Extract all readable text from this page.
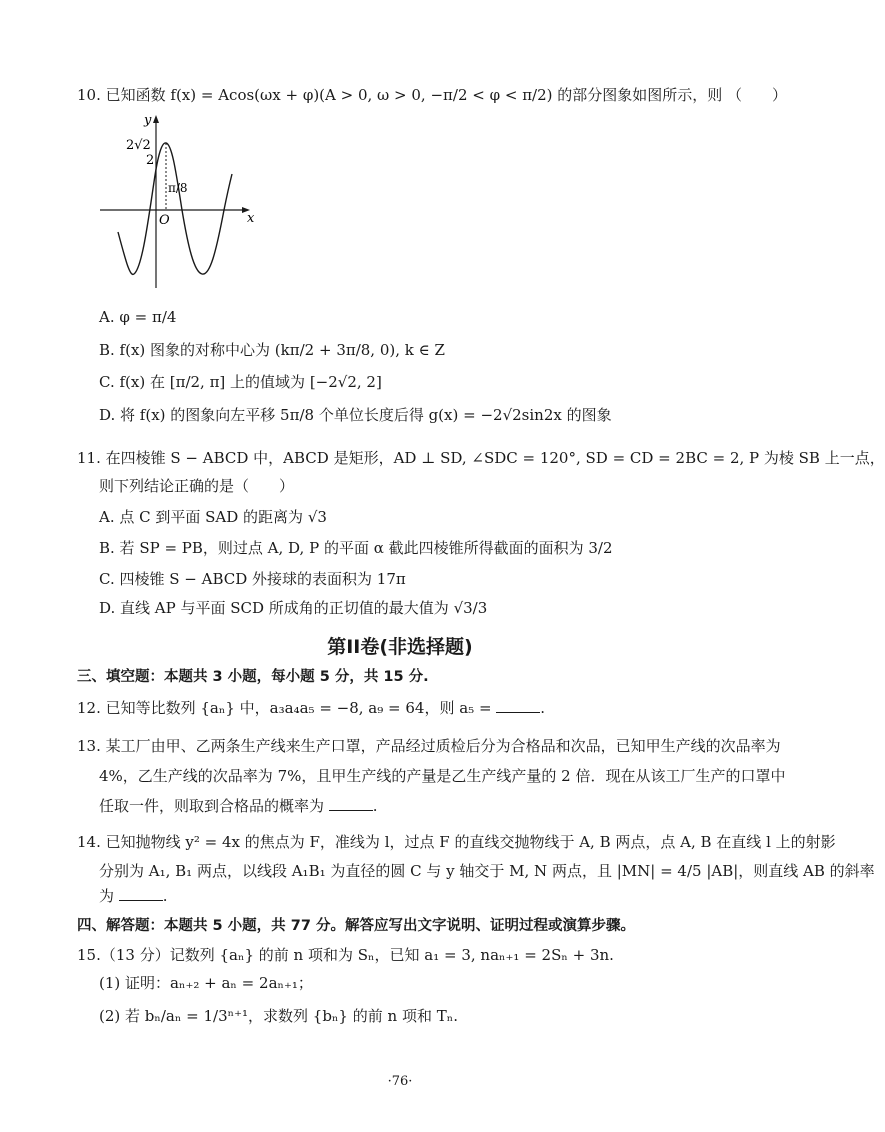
10. 已知函数 f(x) = Acos(ωx + φ)(A > 0, ω > 0, −π/2 < φ < π/2) 的部分图象如图所示，则 （　　）
y
x
O
2√2
2
π/8
A. φ = π/4
B. f(x) 图象的对称中心为 (kπ/2 + 3π/8, 0), k ∈ Z
C. f(x) 在 [π/2, π] 上的值域为 [−2√2, 2]
D. 将 f(x) 的图象向左平移 5π/8 个单位长度后得 g(x) = −2√2sin2x 的图象
11. 在四棱锥 S − ABCD 中，ABCD 是矩形，AD ⊥ SD, ∠SDC = 120°, SD = CD = 2BC = 2, P 为棱 SB 上一点，
则下列结论正确的是（　　）
A. 点 C 到平面 SAD 的距离为 √3
B. 若 SP = PB，则过点 A, D, P 的平面 α 截此四棱锥所得截面的面积为 3/2
C. 四棱锥 S − ABCD 外接球的表面积为 17π
D. 直线 AP 与平面 SCD 所成角的正切值的最大值为 √3/3
第II卷(非选择题)
三、填空题：本题共 3 小题，每小题 5 分，共 15 分.
12. 已知等比数列 {aₙ} 中，a₃a₄a₅ = −8, a₉ = 64，则 a₅ =	.
13. 某工厂由甲、乙两条生产线来生产口罩，产品经过质检后分为合格品和次品，已知甲生产线的次品率为
4%，乙生产线的次品率为 7%，且甲生产线的产量是乙生产线产量的 2 倍．现在从该工厂生产的口罩中
任取一件，则取到合格品的概率为	.
14. 已知抛物线 y² = 4x 的焦点为 F，准线为 l，过点 F 的直线交抛物线于 A, B 两点，点 A, B 在直线 l 上的射影
分别为 A₁, B₁ 两点，以线段 A₁B₁ 为直径的圆 C 与 y 轴交于 M, N 两点，且 |MN| = 4/5 |AB|，则直线 AB 的斜率
为	.
四、解答题：本题共 5 小题，共 77 分。解答应写出文字说明、证明过程或演算步骤。
15.（13 分）记数列 {aₙ} 的前 n 项和为 Sₙ，已知 a₁ = 3, naₙ₊₁ = 2Sₙ + 3n.
(1) 证明：aₙ₊₂ + aₙ = 2aₙ₊₁；
(2) 若 bₙ/aₙ = 1/3ⁿ⁺¹，求数列 {bₙ} 的前 n 项和 Tₙ.
·76·
